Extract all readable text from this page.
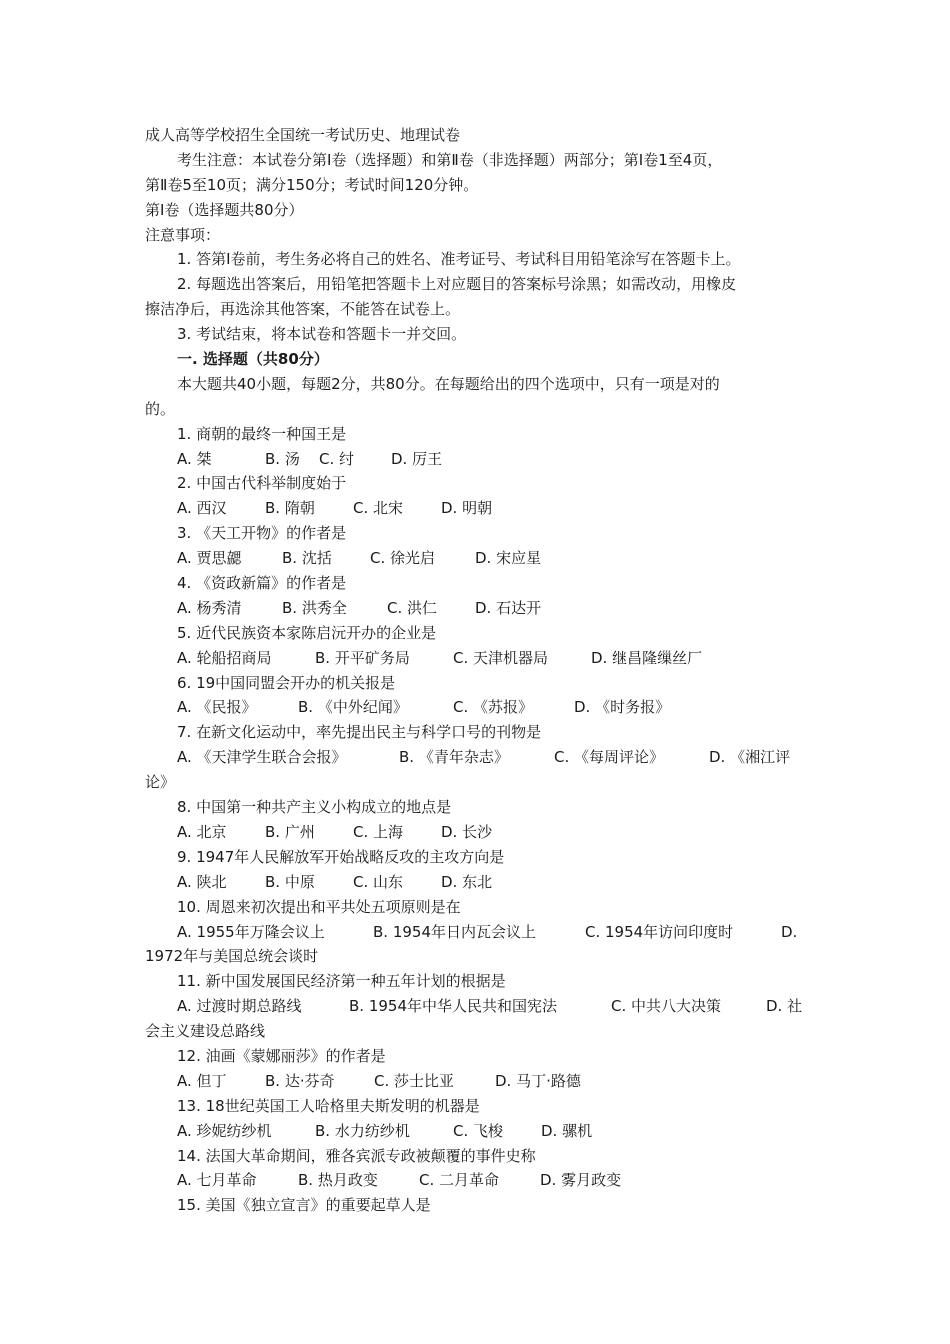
成人高等学校招生全国统一考试历史、地理试卷
考生注意：本试卷分第Ⅰ卷（选择题）和第Ⅱ卷（非选择题）两部分；第Ⅰ卷1至4页，
第Ⅱ卷5至10页；满分150分；考试时间120分钟。
第Ⅰ卷（选择题共80分）
注意事项：
1. 答第Ⅰ卷前，考生务必将自己的姓名、准考证号、考试科目用铅笔涂写在答题卡上。
2. 每题选出答案后，用铅笔把答题卡上对应题目的答案标号涂黑；如需改动，用橡皮
擦洁净后，再选涂其他答案，不能答在试卷上。
3. 考试结束，将本试卷和答题卡一并交回。
一. 选择题（共80分）
本大题共40小题，每题2分，共80分。在每题给出的四个选项中，只有一项是对的
的。
1. 商朝的最终一种国王是
A. 桀	B. 汤 C. 纣 D. 厉王
2. 中国古代科举制度始于
A. 西汉	B. 隋朝	C. 北宋	D. 明朝
3. 《天工开物》的作者是
A. 贾思勰	B. 沈括	C. 徐光启	D. 宋应星
4. 《资政新篇》的作者是
A. 杨秀清	B. 洪秀全	C. 洪仁	D. 石达开
5. 近代民族资本家陈启沅开办的企业是
A. 轮船招商局	B. 开平矿务局	C. 天津机器局	D. 继昌隆缫丝厂
6. 19中国同盟会开办的机关报是
A. 《民报》	B. 《中外纪闻》	C. 《苏报》	D. 《时务报》
7. 在新文化运动中，率先提出民主与科学口号的刊物是
A. 《天津学生联合会报》	B. 《青年杂志》	C. 《每周评论》	D. 《湘江评
论》
8. 中国第一种共产主义小构成立的地点是
A. 北京	B. 广州	C. 上海	D. 长沙
9. 1947年人民解放军开始战略反攻的主攻方向是
A. 陕北	B. 中原	C. 山东	D. 东北
10. 周恩来初次提出和平共处五项原则是在
A. 1955年万隆会议上	B. 1954年日内瓦会议上	C. 1954年访问印度时	D.
1972年与美国总统会谈时
11. 新中国发展国民经济第一种五年计划的根据是
A. 过渡时期总路线	B. 1954年中华人民共和国宪法	C. 中共八大决策	D. 社
会主义建设总路线
12. 油画《蒙娜丽莎》的作者是
A. 但丁	B. 达·芬奇	C. 莎士比亚	D. 马丁·路德
13. 18世纪英国工人哈格里夫斯发明的机器是
A. 珍妮纺纱机	B. 水力纺纱机	C. 飞梭	D. 骡机
14. 法国大革命期间，雅各宾派专政被颠覆的事件史称
A. 七月革命	B. 热月政变	C. 二月革命	D. 雾月政变
15. 美国《独立宣言》的重要起草人是
